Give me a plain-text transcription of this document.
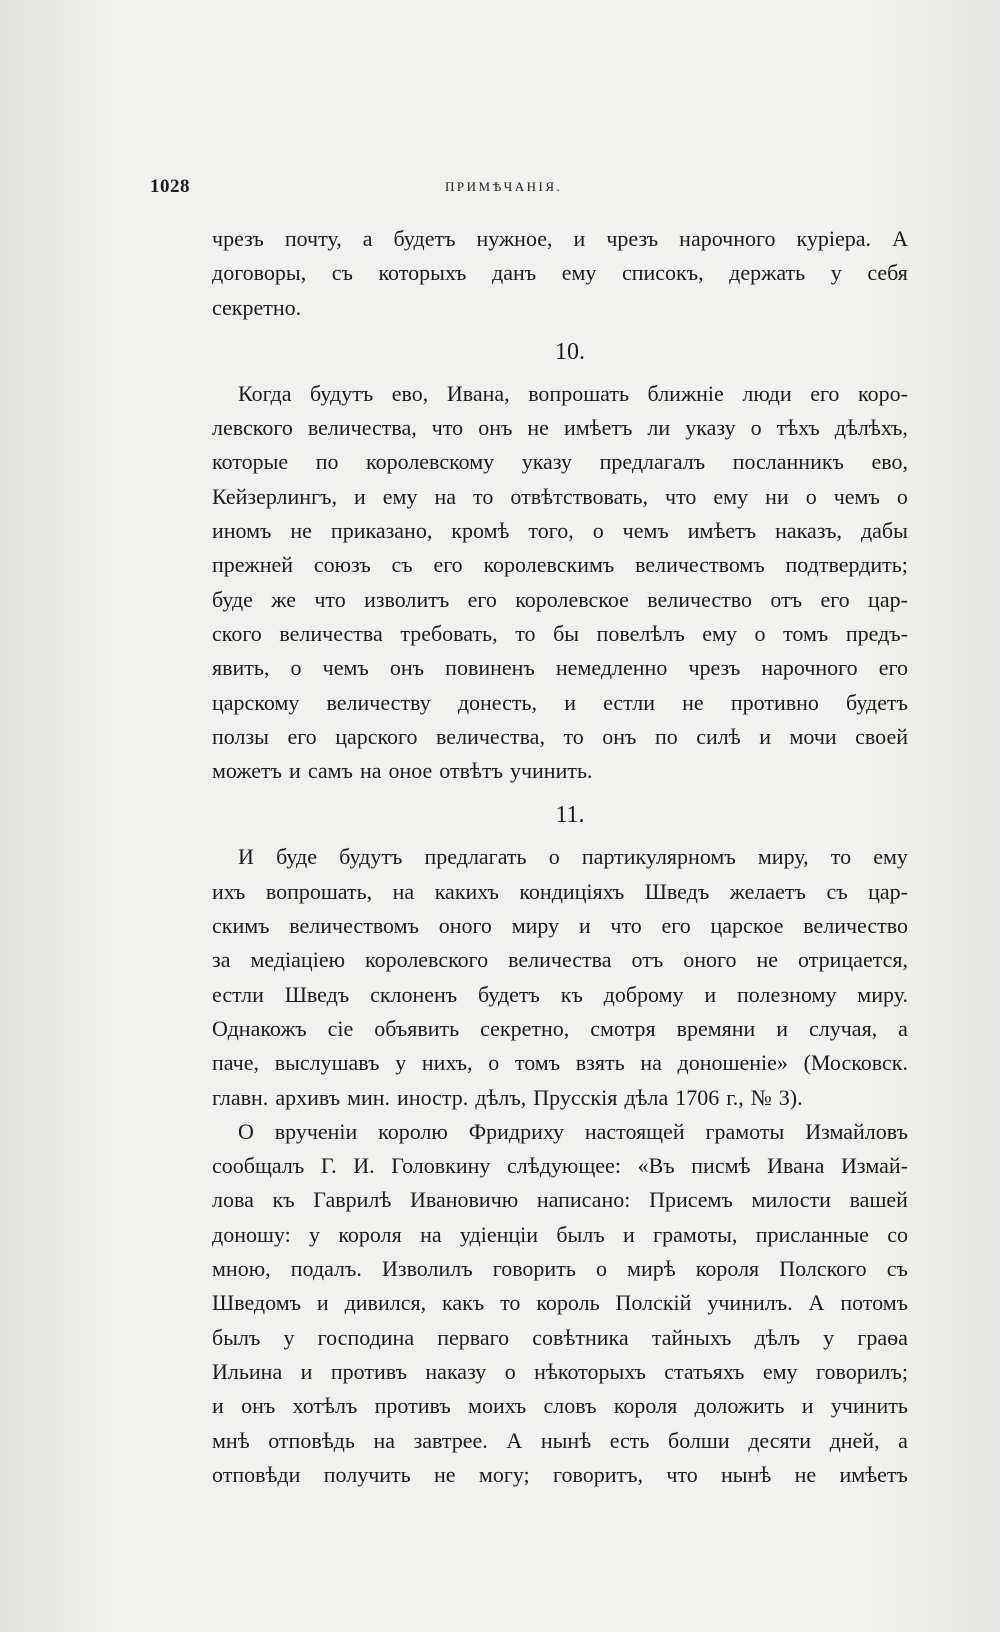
1028	ПРИМѢЧАНІЯ.
чрезъ почту, а будетъ нужное, и чрезъ нарочного куріера. А
договоры, съ которыхъ данъ ему списокъ, держать у себя
секретно.
10.
Когда будутъ ево, Ивана, вопрошать ближніе люди его коро-
левского величества, что онъ не имѣетъ ли указу о тѣхъ дѣлѣхъ,
которые по королевскому указу предлагалъ посланникъ ево,
Кейзерлингъ, и ему на то отвѣтствовать, что ему ни о чемъ о
иномъ не приказано, кромѣ того, о чемъ имѣетъ наказъ, дабы
прежней союзъ съ его королевскимъ величествомъ подтвердить;
буде же что изволитъ его королевское величество отъ его цар-
ского величества требовать, то бы повелѣлъ ему о томъ предъ-
явить, о чемъ онъ повиненъ немедленно чрезъ нарочного его
царскому величеству донесть, и естли не противно будетъ
ползы его царского величества, то онъ по силѣ и мочи своей
можетъ и самъ на оное отвѣтъ учинить.
11.
И буде будутъ предлагать о партикулярномъ миру, то ему
ихъ вопрошать, на какихъ кондиціяхъ Шведъ желаетъ съ цар-
скимъ величествомъ оного миру и что его царское величество
за медіаціею королевского величества отъ оного не отрицается,
естли Шведъ склоненъ будетъ къ доброму и полезному миру.
Однакожъ сіе объявить секретно, смотря времяни и случая, а
паче, выслушавъ у нихъ, о томъ взять на доношеніе» (Московск.
главн. архивъ мин. иностр. дѣлъ, Прусскія дѣла 1706 г., № 3).
О врученіи королю Фридриху настоящей грамоты Измайловъ
сообщалъ Г. И. Головкину слѣдующее: «Въ писмѣ Ивана Измай-
лова къ Гаврилѣ Ивановичю написано: Присемъ милости вашей
доношу: у короля на удіенціи былъ и грамоты, присланные со
мною, подалъ. Изволилъ говорить о мирѣ короля Полского съ
Шведомъ и дивился, какъ то король Полскій учинилъ. А потомъ
былъ у господина перваго совѣтника тайныхъ дѣлъ у граѳа
Ильина и противъ наказу о нѣкоторыхъ статьяхъ ему говорилъ;
и онъ хотѣлъ противъ моихъ словъ короля доложить и учинить
мнѣ отповѣдь на завтрее. А нынѣ есть болши десяти дней, а
отповѣди получить не могу; говоритъ, что нынѣ не имѣетъ
